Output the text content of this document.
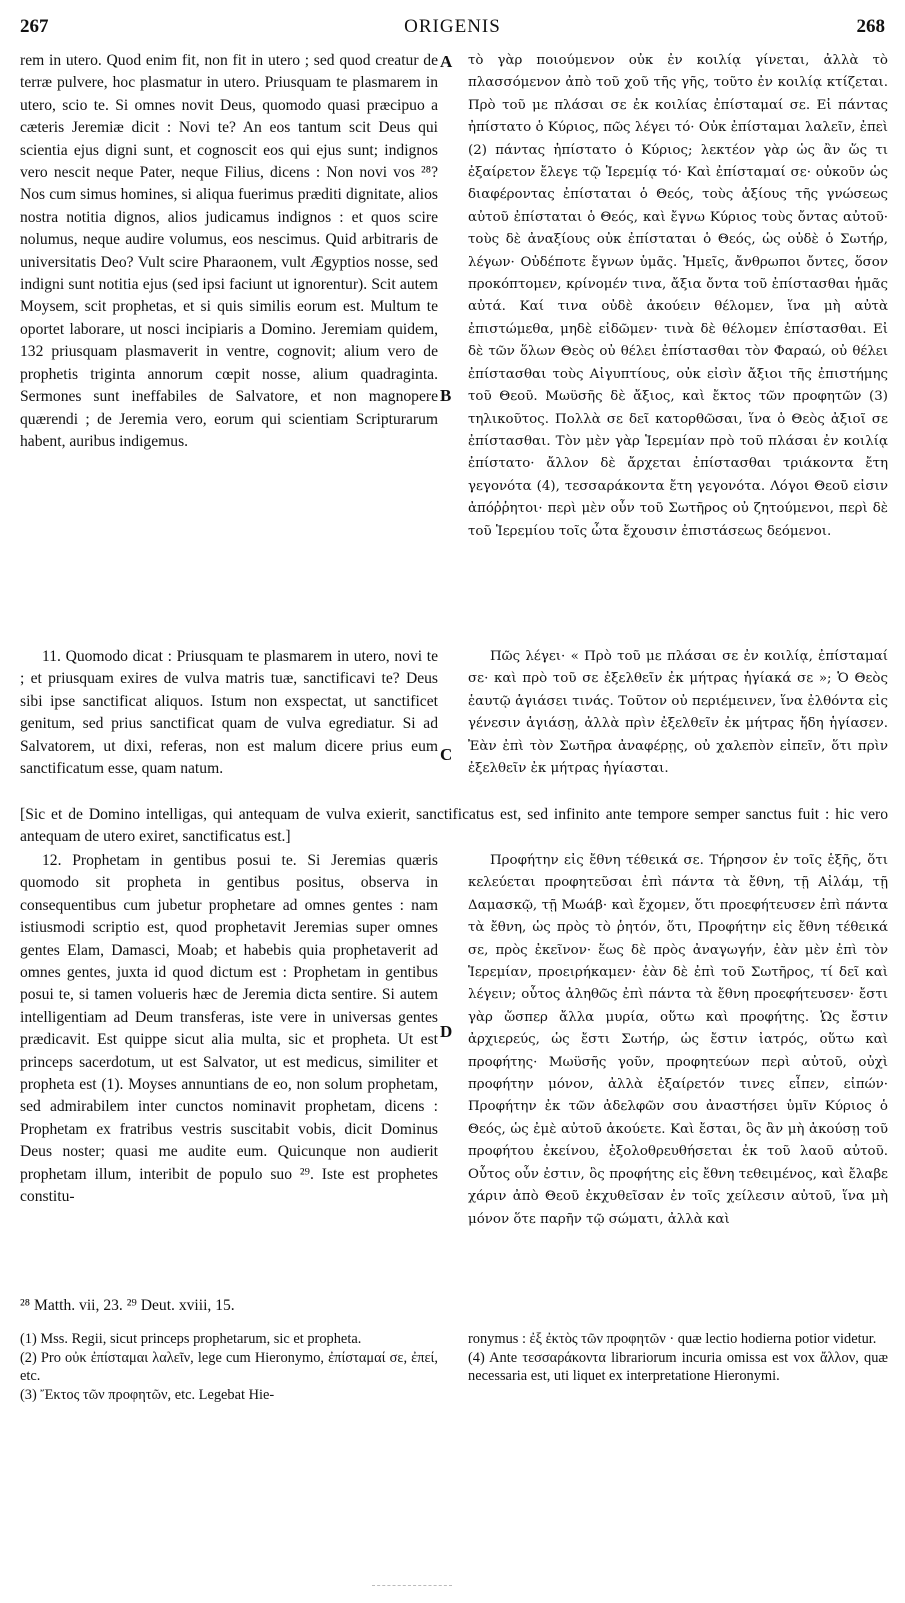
267	ORIGENIS	268

rem in utero. Quod enim fit, non fit in utero ; sed quod creatur de terræ pulvere, hoc plasmatur in utero. Priusquam te plasmarem in utero, scio te. Si omnes novit Deus, quomodo quasi præcipuo a cæteris Jeremiæ dicit : Novi te? An eos tantum scit Deus qui scientia ejus digni sunt, et cognoscit eos qui ejus sunt; indignos vero nescit neque Pater, neque Filius, dicens : Non novi vos ²⁸? Nos cum simus homines, si aliqua fuerimus præditi dignitate, alios nostra notitia dignos, alios judicamus indignos : et quos scire nolumus, neque audire volumus, eos nescimus. Quid arbitraris de universitatis Deo? Vult scire Pharaonem, vult Ægyptios nosse, sed indigni sunt notitia ejus (sed ipsi faciunt ut ignorentur). Scit autem Moysem, scit prophetas, et si quis similis eorum est. Multum te oportet laborare, ut nosci incipiaris a Domino. Jeremiam quidem, 132 priusquam plasmaverit in ventre, cognovit; alium vero de prophetis triginta annorum cœpit nosse, alium quadraginta. Sermones sunt ineffabiles de Salvatore, et non magnopere quærendi ; de Jeremia vero, eorum qui scientiam Scripturarum habent, auribus indigemus.

τὸ γὰρ ποιούμενον οὐκ ἐν κοιλίᾳ γίνεται, ἀλλὰ τὸ πλασσόμενον ἀπὸ τοῦ χοῦ τῆς γῆς, τοῦτο ἐν κοιλίᾳ κτίζεται. Πρὸ τοῦ με πλάσαι σε ἐκ κοιλίας ἐπίσταμαί σε. Εἰ πάντας ἠπίστατο ὁ Κύριος, πῶς λέγει τό· Οὐκ ἐπίσταμαι λαλεῖν, ἐπεὶ (2) πάντας ἠπίστατο ὁ Κύριος; λεκτέον γὰρ ὡς ἂν ὥς τι ἐξαίρετον ἔλεγε τῷ Ἱερεμίᾳ τό· Καὶ ἐπίσταμαί σε· οὐκοῦν ὡς διαφέροντας ἐπίσταται ὁ Θεός, τοὺς ἀξίους τῆς γνώσεως αὐτοῦ ἐπίσταται ὁ Θεός, καὶ ἔγνω Κύριος τοὺς ὄντας αὐτοῦ· τοὺς δὲ ἀναξίους οὐκ ἐπίσταται ὁ Θεός, ὡς οὐδὲ ὁ Σωτήρ, λέγων· Οὐδέποτε ἔγνων ὑμᾶς. Ἡμεῖς, ἄνθρωποι ὄντες, ὅσον προκόπτομεν, κρίνομέν τινα, ἄξια ὄντα τοῦ ἐπίστασθαι ἡμᾶς αὐτά. Καί τινα οὐδὲ ἀκούειν θέλομεν, ἵνα μὴ αὐτὰ ἐπιστώμεθα, μηδὲ εἰδῶμεν· τινὰ δὲ θέλομεν ἐπίστασθαι. Εἰ δὲ τῶν ὅλων Θεὸς οὐ θέλει ἐπίστασθαι τὸν Φαραώ, οὐ θέλει ἐπίστασθαι τοὺς Αἰγυπτίους, οὐκ εἰσὶν ἄξιοι τῆς ἐπιστήμης τοῦ Θεοῦ. Μωϋσῆς δὲ ἄξιος, καὶ ἔκτος τῶν προφητῶν (3) τηλικοῦτος. Πολλὰ σε δεῖ κατορθῶσαι, ἵνα ὁ Θεὸς ἀξιοῖ σε ἐπίστασθαι. Τὸν μὲν γὰρ Ἱερεμίαν πρὸ τοῦ πλάσαι ἐν κοιλίᾳ ἐπίστατο· ἄλλον δὲ ἄρχεται ἐπίστασθαι τριάκοντα ἔτη γεγονότα (4), τεσσαράκοντα ἔτη γεγονότα. Λόγοι Θεοῦ εἰσιν ἀπόῤῥητοι· περὶ μὲν οὖν τοῦ Σωτῆρος οὐ ζητούμενοι, περὶ δὲ τοῦ Ἱερεμίου τοῖς ὦτα ἔχουσιν ἐπιστάσεως δεόμενοι.

A
B
C
D

11. Quomodo dicat : Priusquam te plasmarem in utero, novi te ; et priusquam exires de vulva matris tuæ, sanctificavi te? Deus sibi ipse sanctificat aliquos. Istum non exspectat, ut sanctificet genitum, sed prius sanctificat quam de vulva egrediatur. Si ad Salvatorem, ut dixi, referas, non est malum dicere prius eum sanctificatum esse, quam natum.

Πῶς λέγει· « Πρὸ τοῦ με πλάσαι σε ἐν κοιλίᾳ, ἐπίσταμαί σε· καὶ πρὸ τοῦ σε ἐξελθεῖν ἐκ μήτρας ἡγίακά σε »; Ὁ Θεὸς ἑαυτῷ ἁγιάσει τινάς. Τοῦτον οὐ περιέμεινεν, ἵνα ἐλθόντα εἰς γένεσιν ἁγιάσῃ, ἀλλὰ πρὶν ἐξελθεῖν ἐκ μήτρας ἤδη ἡγίασεν. Ἐὰν ἐπὶ τὸν Σωτῆρα ἀναφέρῃς, οὐ χαλεπὸν εἰπεῖν, ὅτι πρὶν ἐξελθεῖν ἐκ μήτρας ἡγίασται.

[Sic et de Domino intelligas, qui antequam de vulva exierit, sanctificatus est, sed infinito ante tempore semper sanctus fuit : hic vero antequam de utero exiret, sanctificatus est.]

12. Prophetam in gentibus posui te. Si Jeremias quæris quomodo sit propheta in gentibus positus, observa in consequentibus cum jubetur prophetare ad omnes gentes : nam istiusmodi scriptio est, quod prophetavit Jeremias super omnes gentes Elam, Damasci, Moab; et habebis quia prophetaverit ad omnes gentes, juxta id quod dictum est : Prophetam in gentibus posui te, si tamen volueris hæc de Jeremia dicta sentire. Si autem intelligentiam ad Deum transferas, iste vere in universas gentes prædicavit. Est quippe sicut alia multa, sic et propheta. Ut est princeps sacerdotum, ut est Salvator, ut est medicus, similiter et propheta est (1). Moyses annuntians de eo, non solum prophetam, sed admirabilem inter cunctos nominavit prophetam, dicens : Prophetam ex fratribus vestris suscitabit vobis, dicit Dominus Deus noster; quasi me audite eum. Quicunque non audierit prophetam illum, interibit de populo suo ²⁹. Iste est prophetes constitu-

Προφήτην εἰς ἔθνη τέθεικά σε. Τήρησον ἐν τοῖς ἑξῆς, ὅτι κελεύεται προφητεῦσαι ἐπὶ πάντα τὰ ἔθνη, τῇ Αἰλάμ, τῇ Δαμασκῷ, τῇ Μωάβ· καὶ ἔχομεν, ὅτι προεφήτευσεν ἐπὶ πάντα τὰ ἔθνη, ὡς πρὸς τὸ ῥητόν, ὅτι, Προφήτην εἰς ἔθνη τέθεικά σε, πρὸς ἐκεῖνον· ἕως δὲ πρὸς ἀναγωγήν, ἐὰν μὲν ἐπὶ τὸν Ἱερεμίαν, προειρήκαμεν· ἐὰν δὲ ἐπὶ τοῦ Σωτῆρος, τί δεῖ καὶ λέγειν; οὗτος ἀληθῶς ἐπὶ πάντα τὰ ἔθνη προεφήτευσεν· ἔστι γὰρ ὥσπερ ἄλλα μυρία, οὕτω καὶ προφήτης. Ὡς ἔστιν ἀρχιερεύς, ὡς ἔστι Σωτήρ, ὡς ἔστιν ἰατρός, οὕτω καὶ προφήτης· Μωϋσῆς γοῦν, προφητεύων περὶ αὐτοῦ, οὐχὶ προφήτην μόνον, ἀλλὰ ἐξαίρετόν τινες εἶπεν, εἰπών· Προφήτην ἐκ τῶν ἀδελφῶν σου ἀναστήσει ὑμῖν Κύριος ὁ Θεός, ὡς ἐμὲ αὐτοῦ ἀκούετε. Καὶ ἔσται, ὃς ἂν μὴ ἀκούσῃ τοῦ προφήτου ἐκείνου, ἐξολοθρευθήσεται ἐκ τοῦ λαοῦ αὐτοῦ. Οὗτος οὖν ἐστιν, ὃς προφήτης εἰς ἔθνη τεθειμένος, καὶ ἔλαβε χάριν ἀπὸ Θεοῦ ἐκχυθεῖσαν ἐν τοῖς χείλεσιν αὐτοῦ, ἵνα μὴ μόνον ὅτε παρῆν τῷ σώματι, ἀλλὰ καὶ

²⁸ Matth. vii, 23. ²⁹ Deut. xviii, 15.

(1) Mss. Regii, sicut princeps prophetarum, sic et propheta.

(2) Pro οὐκ ἐπίσταμαι λαλεῖν, lege cum Hieronymo, ἐπίσταμαί σε, ἐπεί, etc.

(3) Ἔκτος τῶν προφητῶν, etc. Legebat Hie-

ronymus : ἐξ ἐκτὸς τῶν προφητῶν · quæ lectio hodierna potior videtur.

(4) Ante τεσσαράκοντα librariorum incuria omissa est vox ἄλλον, quæ necessaria est, uti liquet ex interpretatione Hieronymi.
